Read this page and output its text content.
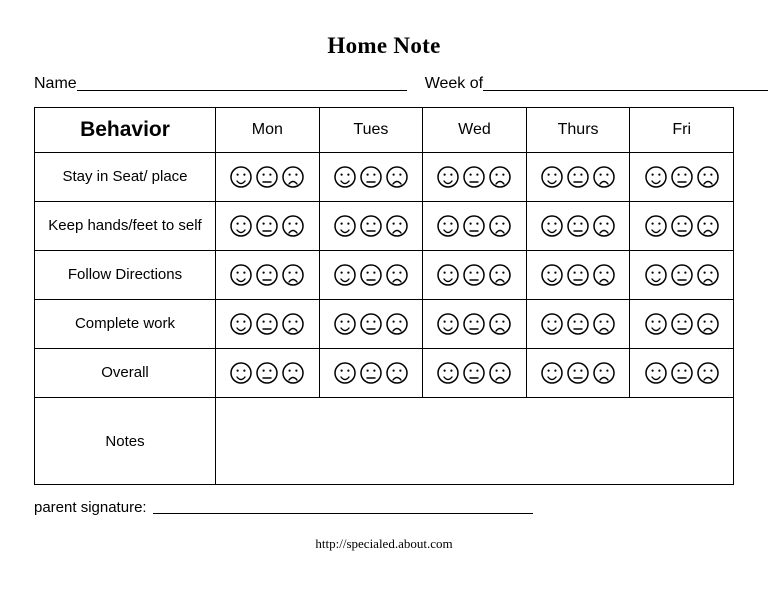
Home Note
Name	Week of
Behavior	Mon	Tues	Wed	Thurs	Fri
Stay in Seat/ place					
Keep hands/feet to self					
Follow Directions					
Complete work					
Overall					
Notes					
parent signature:
http://specialed.about.com
